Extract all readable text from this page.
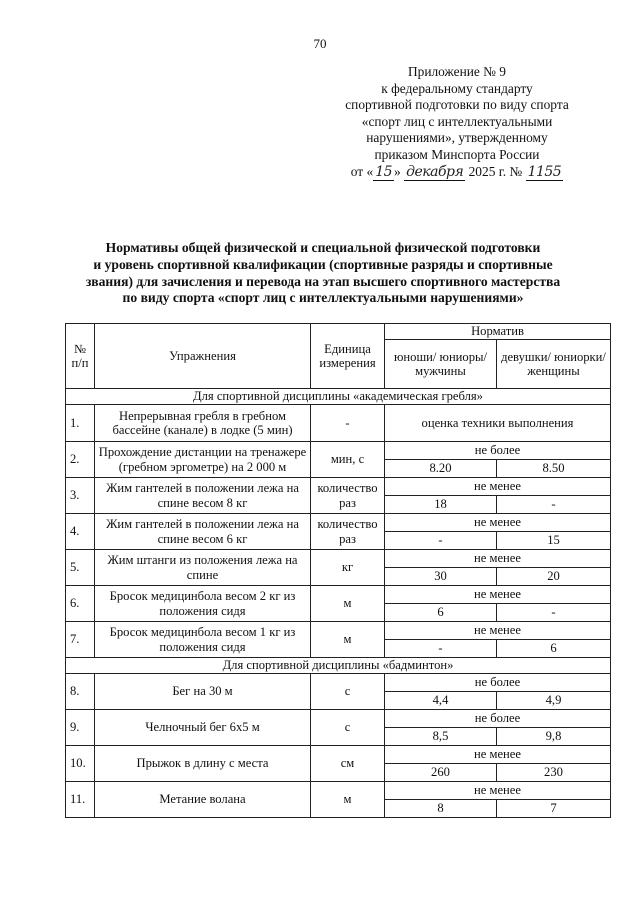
70
Приложение № 9
к федеральному стандарту
спортивной подготовки по виду спорта
«спорт лиц с интеллектуальными
нарушениями», утвержденному
приказом Минспорта России
от « 15 » декабря 2025 г. № 1155
Нормативы общей физической и специальной физической подготовки
и уровень спортивной квалификации (спортивные разряды и спортивные
звания) для зачисления и перевода на этап высшего спортивного мастерства
по виду спорта «спорт лиц с интеллектуальными нарушениями»
№ п/п	Упражнения	Единица измерения	Норматив	
			юноши/ юниоры/ мужчины	девушки/ юниорки/ женщины
Для спортивной дисциплины «академическая гребля»				
1.	Непрерывная гребля в гребном бассейне (канале) в лодке (5 мин)	-	оценка техники выполнения	
2.	Прохождение дистанции на тренажере (гребном эргометре) на 2 000 м	мин, с	не более	
			8.20	8.50
3.	Жим гантелей в положении лежа на спине весом 8 кг	количество раз	не менее	
			18	-
4.	Жим гантелей в положении лежа на спине весом 6 кг	количество раз	не менее	
			-	15
5.	Жим штанги из положения лежа на спине	кг	не менее	
			30	20
6.	Бросок медицинбола весом 2 кг из положения сидя	м	не менее	
			6	-
7.	Бросок медицинбола весом 1 кг из положения сидя	м	не менее	
			-	6
Для спортивной дисциплины «бадминтон»				
8.	Бег на 30 м	с	не более	
			4,4	4,9
9.	Челночный бег 6х5 м	с	не более	
			8,5	9,8
10.	Прыжок в длину с места	см	не менее	
			260	230
11.	Метание волана	м	не менее	
			8	7
